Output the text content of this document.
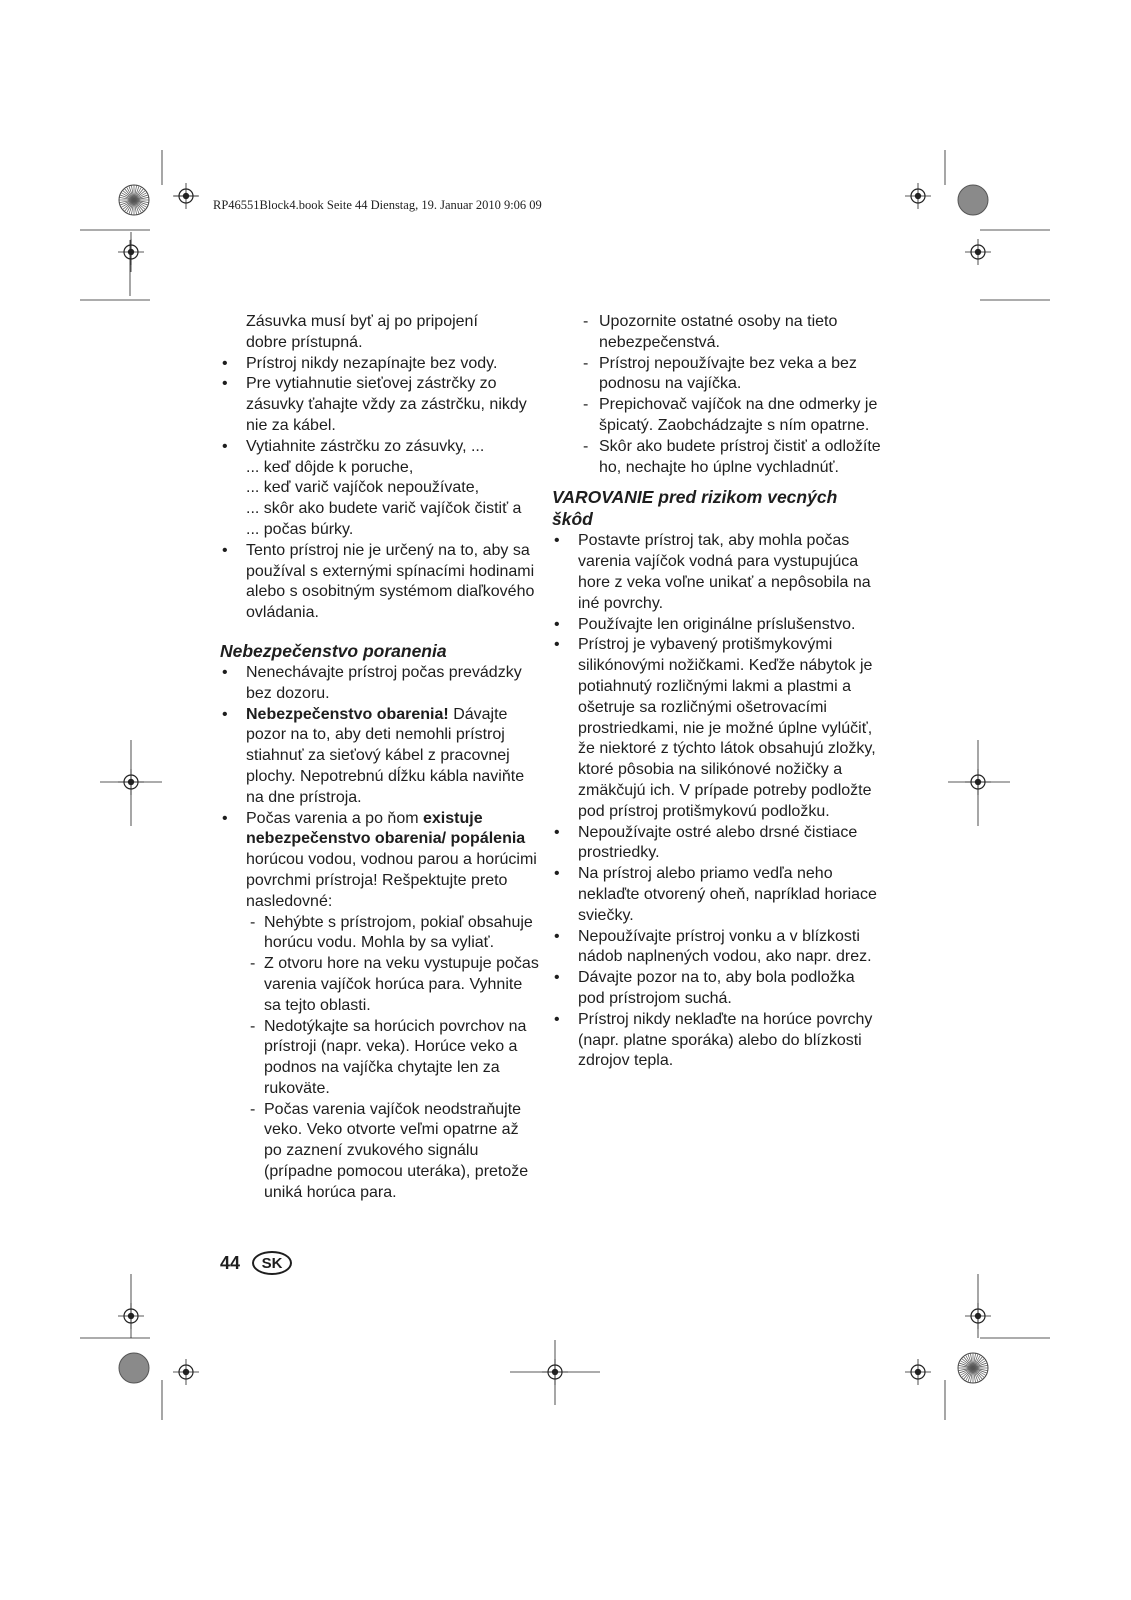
RP46551Block4.book Seite 44 Dienstag, 19. Januar 2010 9:06 09
Zásuvka musí byť aj po pripojení
dobre prístupná.
• Prístroj nikdy nezapínajte bez vody.
• Pre vytiahnutie sieťovej zástrčky zo zásuvky ťahajte vždy za zástrčku, nikdy nie za kábel.
• Vytiahnite zástrčku zo zásuvky, ...
... keď dôjde k poruche,
... keď varič vajíčok nepoužívate,
... skôr ako budete varič vajíčok čistiť a
... počas búrky.
• Tento prístroj nie je určený na to, aby sa používal s externými spínacími hodinami alebo s osobitným systémom diaľkového ovládania.
Nebezpečenstvo poranenia
• Nenechávajte prístroj počas prevádzky bez dozoru.
• Nebezpečenstvo obarenia! Dávajte pozor na to, aby deti nemohli prístroj stiahnuť za sieťový kábel z pracovnej plochy. Nepotrebnú dĺžku kábla naviňte na dne prístroja.
• Počas varenia a po ňom existuje nebezpečenstvo obarenia/ popálenia horúcou vodou, vodnou parou a horúcimi povrchmi prístroja! Rešpektujte preto nasledovné:
- Nehýbte s prístrojom, pokiaľ obsahuje horúcu vodu. Mohla by sa vyliať.
- Z otvoru hore na veku vystupuje počas varenia vajíčok horúca para. Vyhnite sa tejto oblasti.
- Nedotýkajte sa horúcich povrchov na prístroji (napr. veka). Horúce veko a podnos na vajíčka chytajte len za rukoväte.
- Počas varenia vajíčok neodstraňujte veko. Veko otvorte veľmi opatrne až po zaznení zvukového signálu (prípadne pomocou uteráka), pretože uniká horúca para.
- Upozornite ostatné osoby na tieto nebezpečenstvá.
- Prístroj nepoužívajte bez veka a bez podnosu na vajíčka.
- Prepichovač vajíčok na dne odmerky je špicatý. Zaobchádzajte s ním opatrne.
- Skôr ako budete prístroj čistiť a odložíte ho, nechajte ho úplne vychladnúť.
VAROVANIE pred rizikom vecných škôd
• Postavte prístroj tak, aby mohla počas varenia vajíčok vodná para vystupujúca hore z veka voľne unikať a nepôsobila na iné povrchy.
• Používajte len originálne príslušenstvo.
• Prístroj je vybavený protišmykovými silikónovými nožičkami. Keďže nábytok je potiahnutý rozličnými lakmi a plastmi a ošetruje sa rozličnými ošetrovacími prostriedkami, nie je možné úplne vylúčiť, že niektoré z týchto látok obsahujú zložky, ktoré pôsobia na silikónové nožičky a zmäkčujú ich. V prípade potreby podložte pod prístroj protišmykovú podložku.
• Nepoužívajte ostré alebo drsné čistiace prostriedky.
• Na prístroj alebo priamo vedľa neho neklaďte otvorený oheň, napríklad horiace sviečky.
• Nepoužívajte prístroj vonku a v blízkosti nádob naplnených vodou, ako napr. drez.
• Dávajte pozor na to, aby bola podložka pod prístrojom suchá.
• Prístroj nikdy neklaďte na horúce povrchy (napr. platne sporáka) alebo do blízkosti zdrojov tepla.
44	SK
